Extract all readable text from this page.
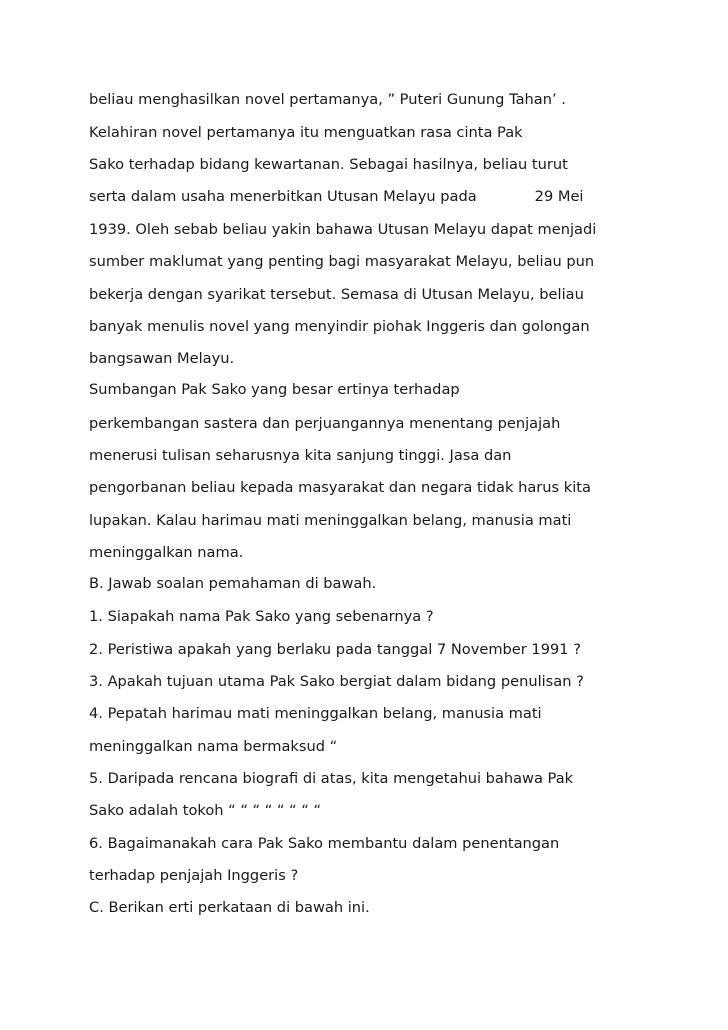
beliau menghasilkan novel pertamanya, ” Puteri Gunung Tahan’ .

Kelahiran novel pertamanya itu menguatkan rasa cinta Pak

Sako terhadap bidang kewartanan. Sebagai hasilnya, beliau turut

serta dalam usaha menerbitkan Utusan Melayu pada	29 Mei

1939. Oleh sebab beliau yakin bahawa Utusan Melayu dapat menjadi

sumber maklumat yang penting bagi masyarakat Melayu, beliau pun

bekerja dengan syarikat tersebut. Semasa di Utusan Melayu, beliau

banyak menulis novel yang menyindir piohak Inggeris dan golongan

bangsawan Melayu.

Sumbangan Pak Sako yang besar ertinya terhadap

perkembangan sastera dan perjuangannya menentang penjajah

menerusi tulisan seharusnya kita sanjung tinggi. Jasa dan

pengorbanan beliau kepada masyarakat dan negara tidak harus kita

lupakan. Kalau harimau mati meninggalkan belang, manusia mati

meninggalkan nama.

B. Jawab soalan pemahaman di bawah.

1. Siapakah nama Pak Sako yang sebenarnya ?

2. Peristiwa apakah yang berlaku pada tanggal 7 November 1991 ?

3. Apakah tujuan utama Pak Sako bergiat dalam bidang penulisan ?

4. Pepatah harimau mati meninggalkan belang, manusia mati

meninggalkan nama bermaksud “

5. Daripada rencana biografi di atas, kita mengetahui bahawa Pak

Sako adalah tokoh “ “ “ “ “ “ “ “

6. Bagaimanakah cara Pak Sako membantu dalam penentangan

terhadap penjajah Inggeris ?

C. Berikan erti perkataan di bawah ini.
